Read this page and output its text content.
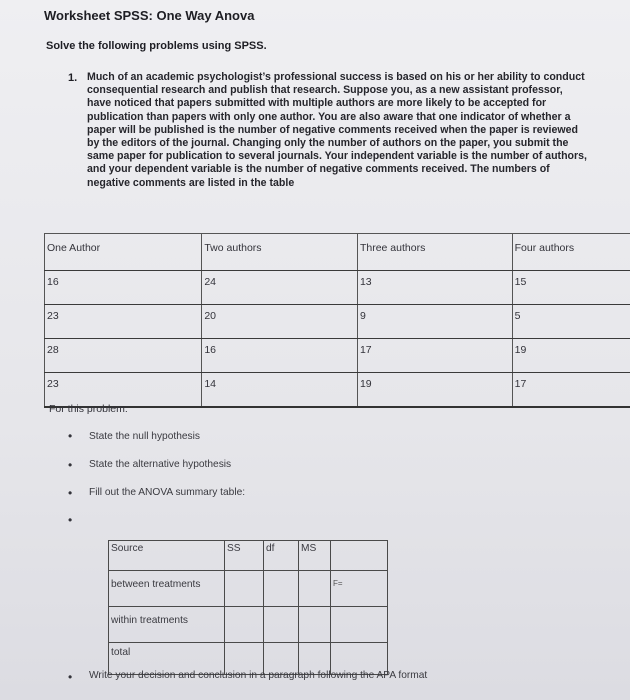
Worksheet SPSS: One Way Anova
Solve the following problems using SPSS.
1. Much of an academic psychologist’s professional success is based on his or her ability to conduct consequential research and publish that research. Suppose you, as a new assistant professor, have noticed that papers submitted with multiple authors are more likely to be accepted for publication than papers with only one author. You are also aware that one indicator of whether a paper will be published is the number of negative comments received when the paper is reviewed by the editors of the journal. Changing only the number of authors on the paper, you submit the same paper for publication to several journals. Your independent variable is the number of authors, and your dependent variable is the number of negative comments received. The numbers of negative comments are listed in the table
One Author	Two authors	Three authors	Four authors
16	24	13	15
23	20	9	5
28	16	17	19
23	14	19	17
For this problem:
• State the null hypothesis
• State the alternative hypothesis
• Fill out the ANOVA summary table:
•
Source	SS	df	MS	
between treatments				F=
within treatments				
total				
• Write your decision and conclusion in a paragraph following the APA format
